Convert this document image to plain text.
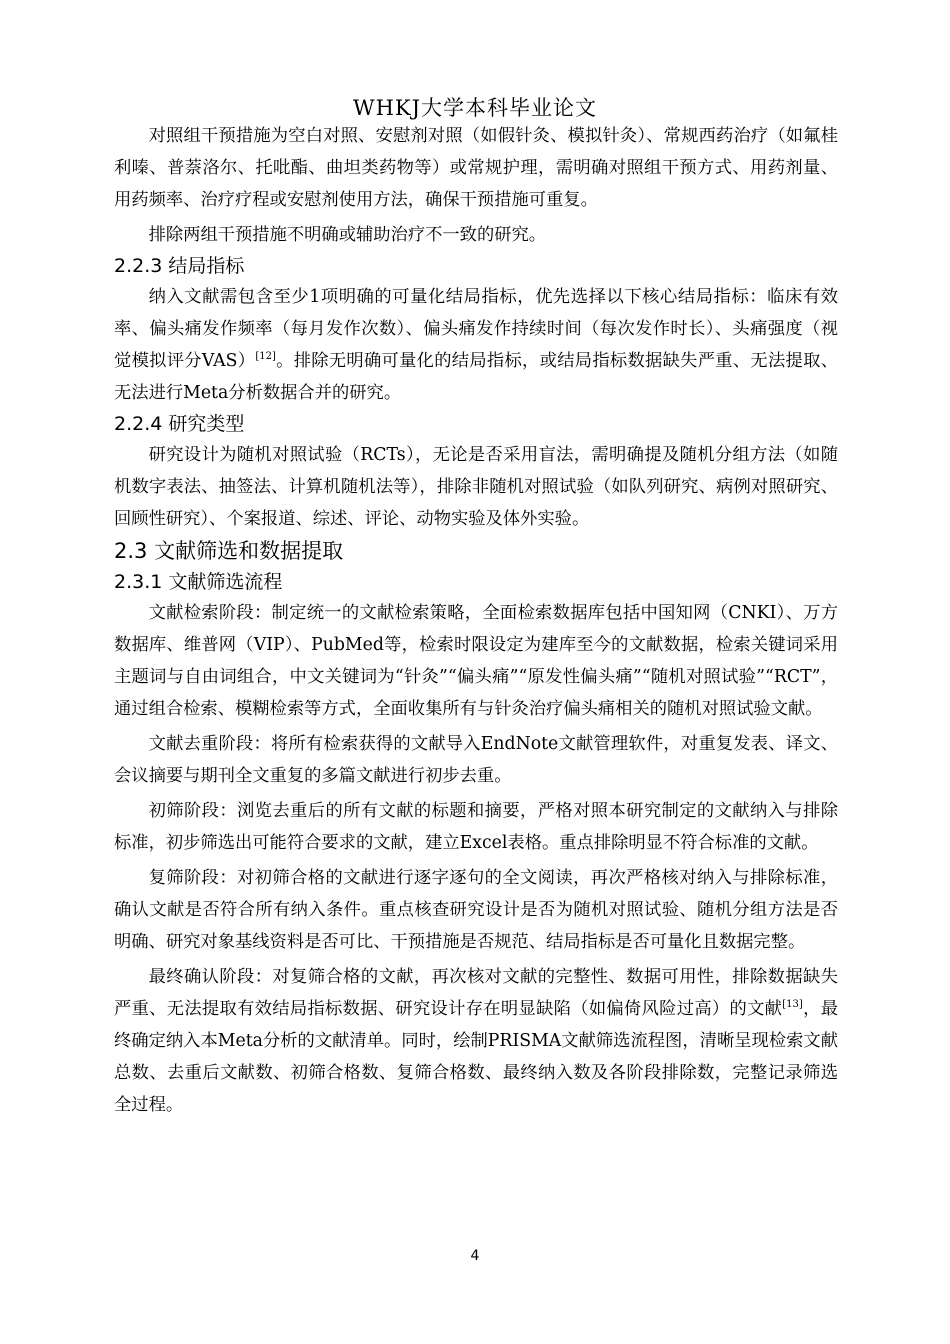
WHKJ大学本科毕业论文

对照组干预措施为空白对照、安慰剂对照（如假针灸、模拟针灸）、常规西药治疗（如氟桂利嗪、普萘洛尔、托吡酯、曲坦类药物等）或常规护理，需明确对照组干预方式、用药剂量、用药频率、治疗疗程或安慰剂使用方法，确保干预措施可重复。

排除两组干预措施不明确或辅助治疗不一致的研究。

2.2.3 结局指标

纳入文献需包含至少1项明确的可量化结局指标，优先选择以下核心结局指标：临床有效率、偏头痛发作频率（每月发作次数）、偏头痛发作持续时间（每次发作时长）、头痛强度（视觉模拟评分VAS）[12]。排除无明确可量化的结局指标，或结局指标数据缺失严重、无法提取、无法进行Meta分析数据合并的研究。

2.2.4 研究类型

研究设计为随机对照试验（RCTs），无论是否采用盲法，需明确提及随机分组方法（如随机数字表法、抽签法、计算机随机法等），排除非随机对照试验（如队列研究、病例对照研究、回顾性研究）、个案报道、综述、评论、动物实验及体外实验。

2.3 文献筛选和数据提取
2.3.1 文献筛选流程

文献检索阶段：制定统一的文献检索策略，全面检索数据库包括中国知网（CNKI）、万方数据库、维普网（VIP）、PubMed等，检索时限设定为建库至今的文献数据，检索关键词采用主题词与自由词组合，中文关键词为“针灸”“偏头痛”“原发性偏头痛”“随机对照试验”“RCT”，通过组合检索、模糊检索等方式，全面收集所有与针灸治疗偏头痛相关的随机对照试验文献。

文献去重阶段：将所有检索获得的文献导入EndNote文献管理软件，对重复发表、译文、会议摘要与期刊全文重复的多篇文献进行初步去重。

初筛阶段：浏览去重后的所有文献的标题和摘要，严格对照本研究制定的文献纳入与排除标准，初步筛选出可能符合要求的文献，建立Excel表格。重点排除明显不符合标准的文献。

复筛阶段：对初筛合格的文献进行逐字逐句的全文阅读，再次严格核对纳入与排除标准，确认文献是否符合所有纳入条件。重点核查研究设计是否为随机对照试验、随机分组方法是否明确、研究对象基线资料是否可比、干预措施是否规范、结局指标是否可量化且数据完整。

最终确认阶段：对复筛合格的文献，再次核对文献的完整性、数据可用性，排除数据缺失严重、无法提取有效结局指标数据、研究设计存在明显缺陷（如偏倚风险过高）的文献[13]，最终确定纳入本Meta分析的文献清单。同时，绘制PRISMA文献筛选流程图，清晰呈现检索文献总数、去重后文献数、初筛合格数、复筛合格数、最终纳入数及各阶段排除数，完整记录筛选全过程。

4
